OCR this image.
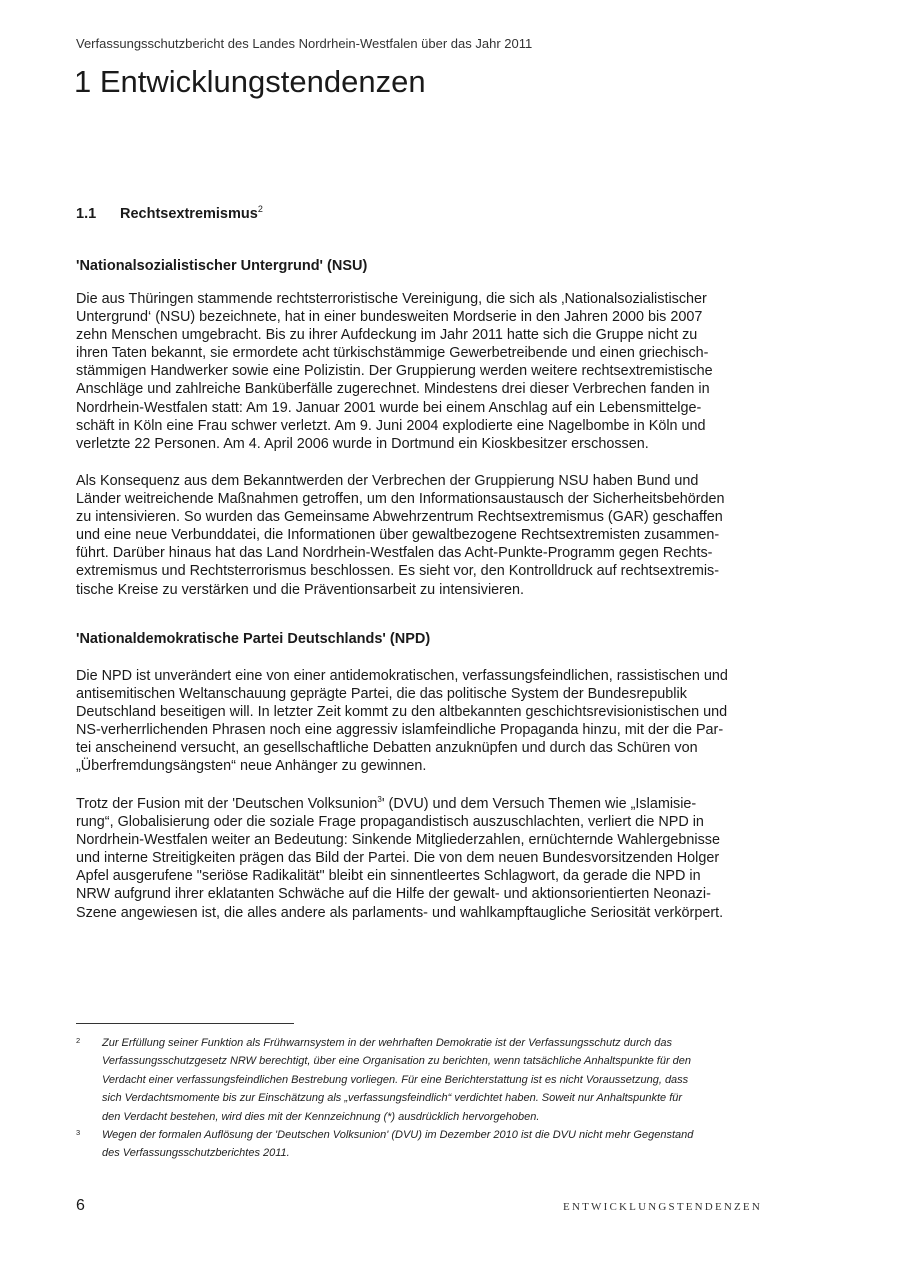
Verfassungsschutzbericht des Landes Nordrhein-Westfalen über das Jahr 2011
1 Entwicklungstendenzen
1.1 Rechtsextremismus$^2$
'Nationalsozialistischer Untergrund' (NSU)

Die aus Thüringen stammende rechtsterroristische Vereinigung, die sich als ‚Nationalsozialistischer
Untergrund‘ (NSU) bezeichnete, hat in einer bundesweiten Mordserie in den Jahren 2000 bis 2007
zehn Menschen umgebracht. Bis zu ihrer Aufdeckung im Jahr 2011 hatte sich die Gruppe nicht zu
ihren Taten bekannt, sie ermordete acht türkischstämmige Gewerbetreibende und einen griechisch-
stämmigen Handwerker sowie eine Polizistin. Der Gruppierung werden weitere rechtsextremistische
Anschläge und zahlreiche Banküberfälle zugerechnet. Mindestens drei dieser Verbrechen fanden in
Nordrhein-Westfalen statt: Am 19. Januar 2001 wurde bei einem Anschlag auf ein Lebensmittelge-
schäft in Köln eine Frau schwer verletzt. Am 9. Juni 2004 explodierte eine Nagelbombe in Köln und
verletzte 22 Personen. Am 4. April 2006 wurde in Dortmund ein Kioskbesitzer erschossen.

Als Konsequenz aus dem Bekanntwerden der Verbrechen der Gruppierung NSU haben Bund und
Länder weitreichende Maßnahmen getroffen, um den Informationsaustausch der Sicherheitsbehörden
zu intensivieren. So wurden das Gemeinsame Abwehrzentrum Rechtsextremismus (GAR) geschaffen
und eine neue Verbunddatei, die Informationen über gewaltbezogene Rechtsextremisten zusammen-
führt. Darüber hinaus hat das Land Nordrhein-Westfalen das Acht-Punkte-Programm gegen Rechts-
extremismus und Rechtsterrorismus beschlossen. Es sieht vor, den Kontrolldruck auf rechtsextremis-
tische Kreise zu verstärken und die Präventionsarbeit zu intensivieren.

'Nationaldemokratische Partei Deutschlands' (NPD)

Die NPD ist unverändert eine von einer antidemokratischen, verfassungsfeindlichen, rassistischen und
antisemitischen Weltanschauung geprägte Partei, die das politische System der Bundesrepublik
Deutschland beseitigen will. In letzter Zeit kommt zu den altbekannten geschichtsrevisionistischen und
NS-verherrlichenden Phrasen noch eine aggressiv islamfeindliche Propaganda hinzu, mit der die Par-
tei anscheinend versucht, an gesellschaftliche Debatten anzuknüpfen und durch das Schüren von
„Überfremdungsängsten“ neue Anhänger zu gewinnen.

Trotz der Fusion mit der 'Deutschen Volksunion$^3$' (DVU) und dem Versuch Themen wie „Islamisie-
rung“, Globalisierung oder die soziale Frage propagandistisch auszuschlachten, verliert die NPD in
Nordrhein-Westfalen weiter an Bedeutung: Sinkende Mitgliederzahlen, ernüchternde Wahlergebnisse
und interne Streitigkeiten prägen das Bild der Partei. Die von dem neuen Bundesvorsitzenden Holger
Apfel ausgerufene "seriöse Radikalität" bleibt ein sinnentleertes Schlagwort, da gerade die NPD in
NRW aufgrund ihrer eklatanten Schwäche auf die Hilfe der gewalt- und aktionsorientierten Neonazi-
Szene angewiesen ist, die alles andere als parlaments- und wahlkampftaugliche Seriosität verkörpert.

2 Zur Erfüllung seiner Funktion als Frühwarnsystem in der wehrhaften Demokratie ist der Verfassungsschutz durch das
Verfassungsschutzgesetz NRW berechtigt, über eine Organisation zu berichten, wenn tatsächliche Anhaltspunkte für den
Verdacht einer verfassungsfeindlichen Bestrebung vorliegen. Für eine Berichterstattung ist es nicht Voraussetzung, dass
sich Verdachtsmomente bis zur Einschätzung als „verfassungsfeindlich“ verdichtet haben. Soweit nur Anhaltspunkte für
den Verdacht bestehen, wird dies mit der Kennzeichnung (*) ausdrücklich hervorgehoben.
3 Wegen der formalen Auflösung der 'Deutschen Volksunion' (DVU) im Dezember 2010 ist die DVU nicht mehr Gegenstand
des Verfassungsschutzberichtes 2011.
6	ENTWICKLUNGSTENDENZEN
